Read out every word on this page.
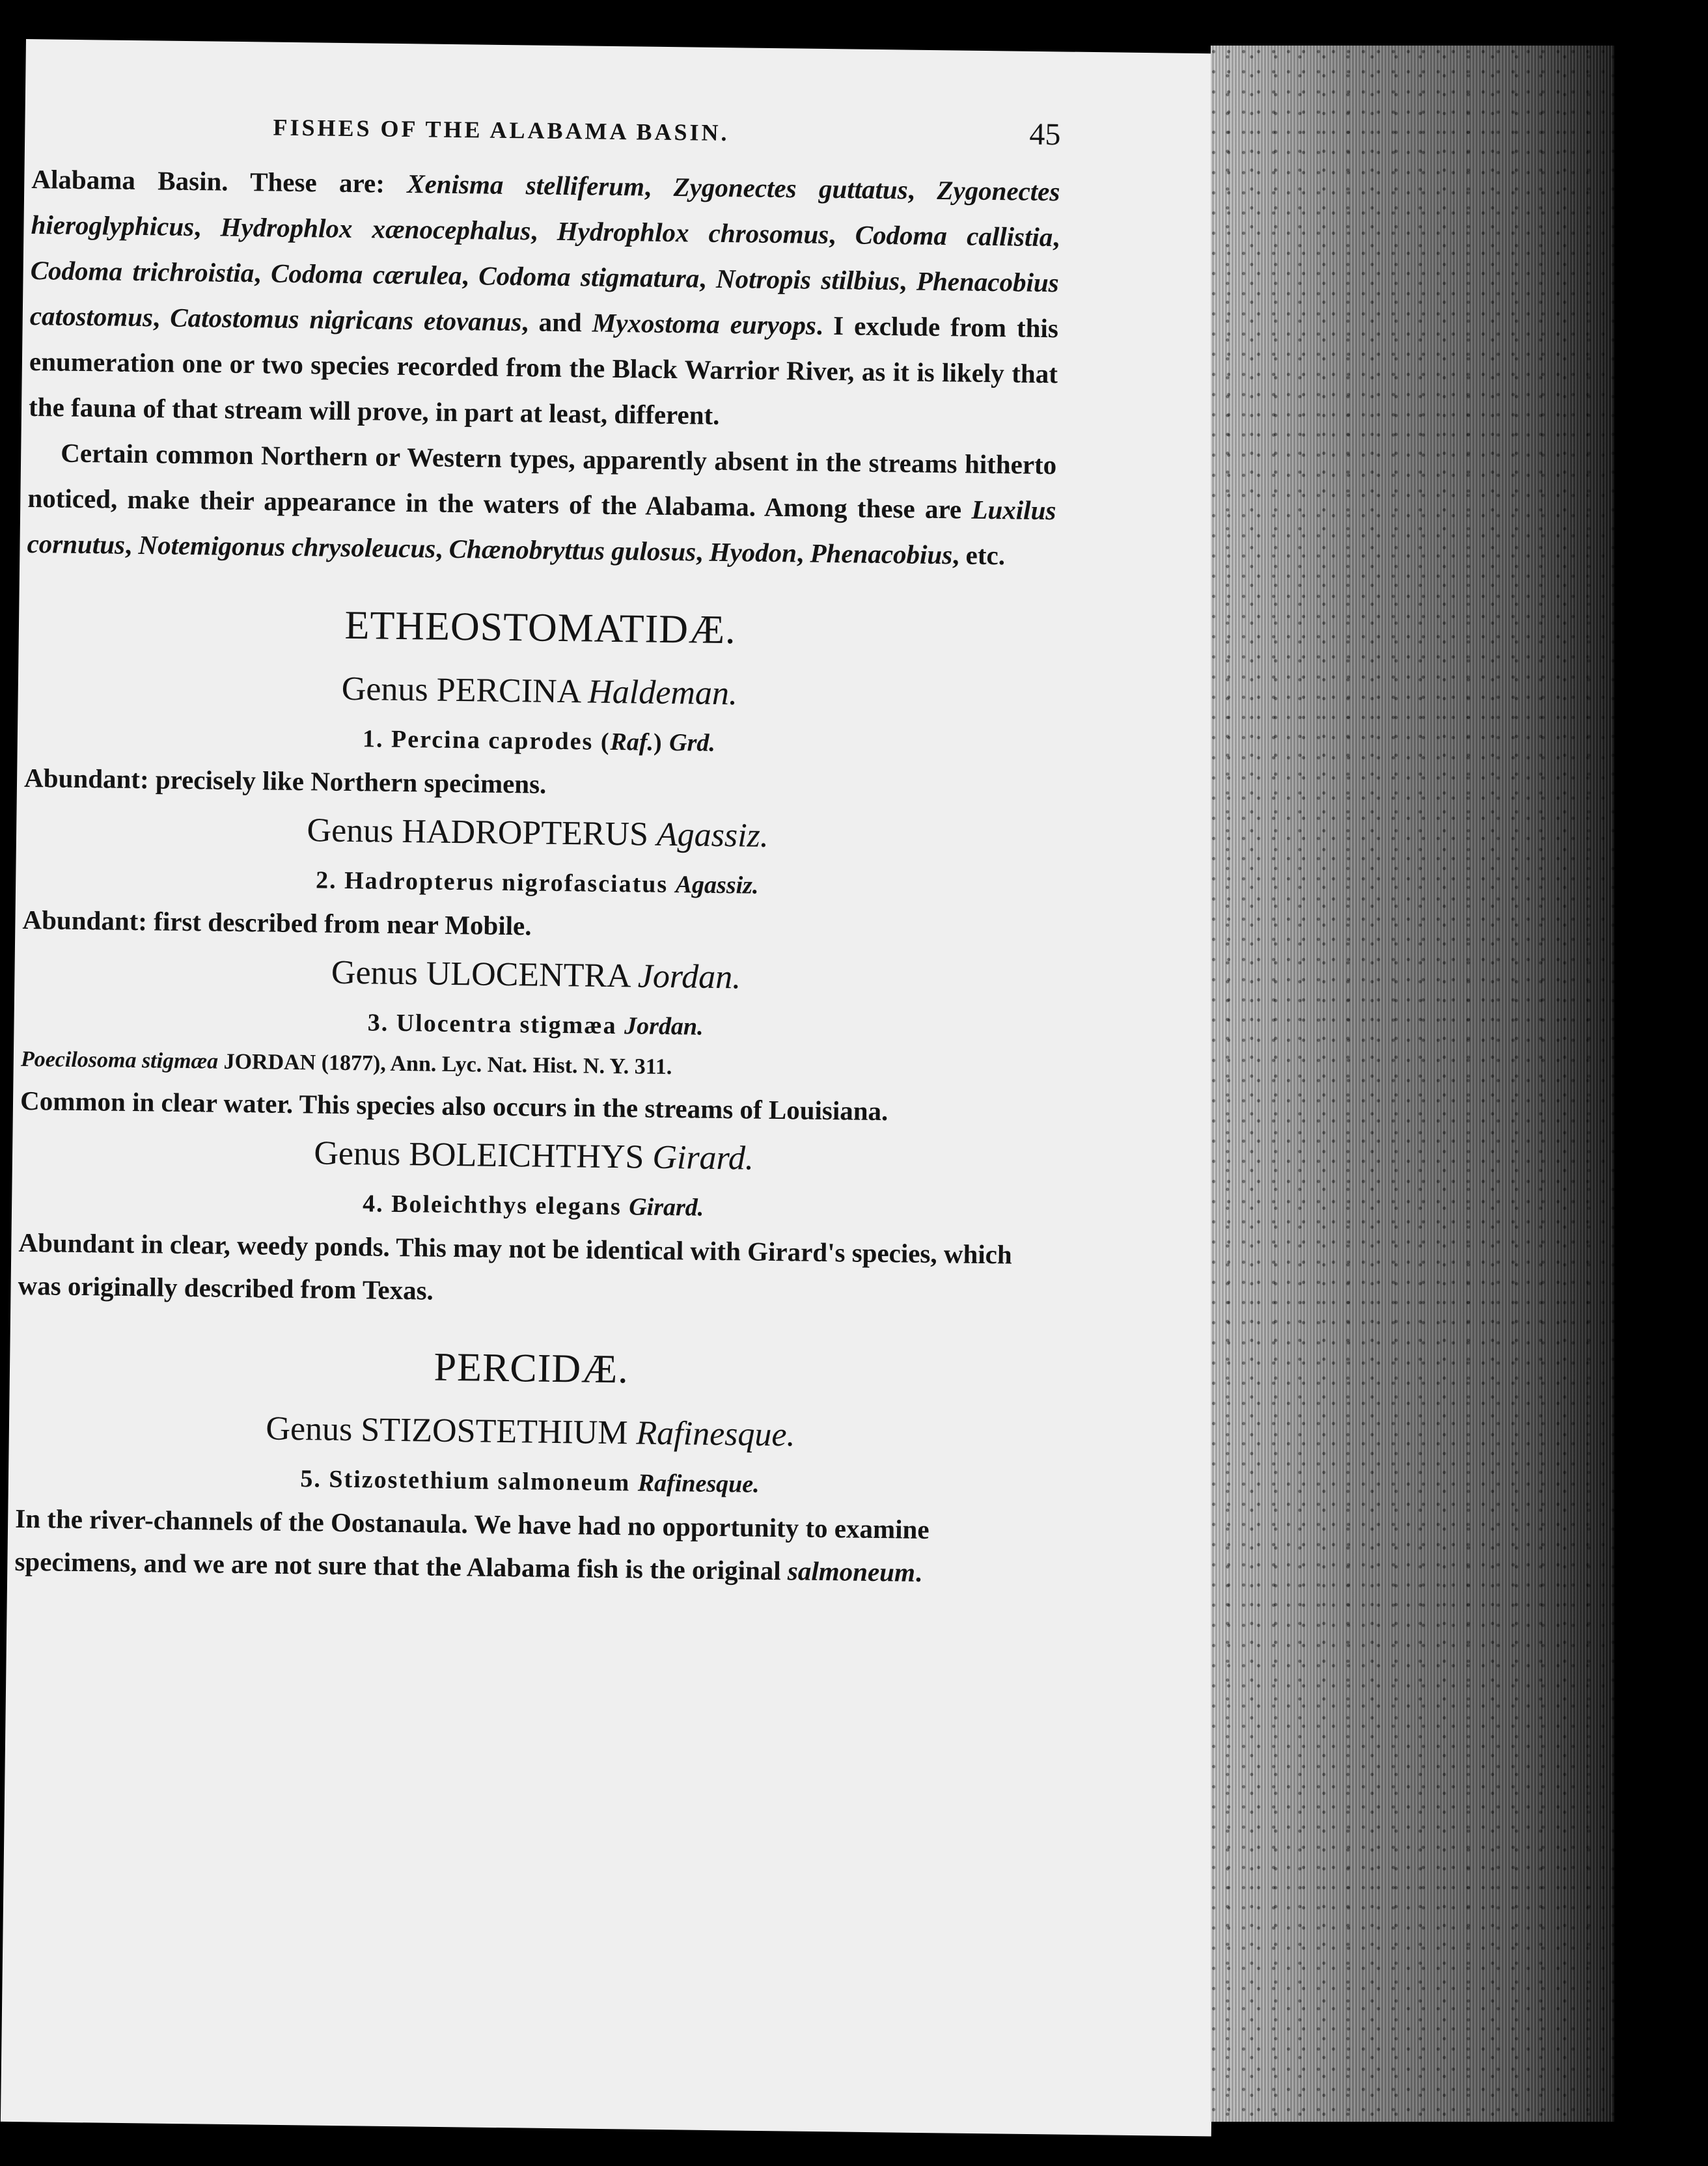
FISHES OF THE ALABAMA BASIN.	45

Alabama Basin. These are: Xenisma stelliferum, Zygonectes guttatus, Zygonectes hieroglyphicus, Hydrophlox xænocephalus, Hydrophlox chrosomus, Codoma callistia, Codoma trichroistia, Codoma cærulea, Codoma stigmatura, Notropis stilbius, Phenacobius catostomus, Catostomus nigricans etovanus, and Myxostoma euryops. I exclude from this enumeration one or two species recorded from the Black Warrior River, as it is likely that the fauna of that stream will prove, in part at least, different.

Certain common Northern or Western types, apparently absent in the streams hitherto noticed, make their appearance in the waters of the Alabama. Among these are Luxilus cornutus, Notemigonus chrysoleucus, Chænobryttus gulosus, Hyodon, Phenacobius, etc.

ETHEOSTOMATIDÆ.
Genus PERCINA Haldeman.
1. Percina caprodes (Raf.) Grd.

Abundant: precisely like Northern specimens.

Genus HADROPTERUS Agassiz.
2. Hadropterus nigrofasciatus Agassiz.

Abundant: first described from near Mobile.

Genus ULOCENTRA Jordan.
3. Ulocentra stigmæa Jordan.

Poecilosoma stigmæa JORDAN (1877), Ann. Lyc. Nat. Hist. N. Y. 311.

Common in clear water. This species also occurs in the streams of Louisiana.

Genus BOLEICHTHYS Girard.
4. Boleichthys elegans Girard.

Abundant in clear, weedy ponds. This may not be identical with Girard's species, which was originally described from Texas.

PERCIDÆ.
Genus STIZOSTETHIUM Rafinesque.
5. Stizostethium salmoneum Rafinesque.

In the river-channels of the Oostanaula. We have had no opportunity to examine specimens, and we are not sure that the Alabama fish is the original salmoneum.
